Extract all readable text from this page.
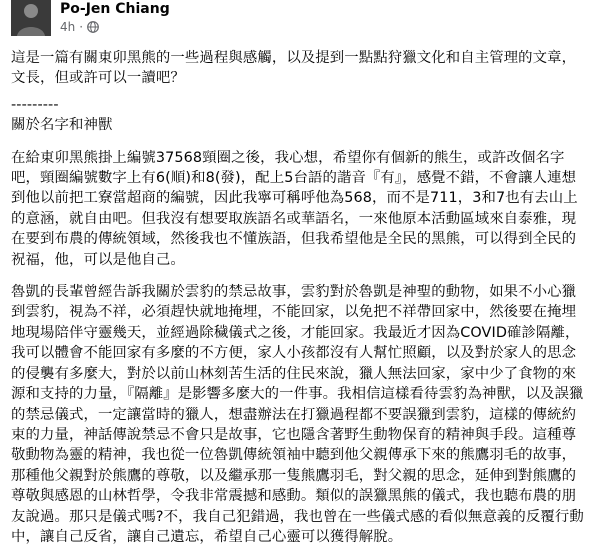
Po-Jen Chiang
4h ·

這是一篇有關東卯黑熊的一些過程與感觸，以及提到一點點狩獵文化和自主管理的文章，文長，但或許可以一讀吧？

---------

關於名字和神獸

在給東卯黑熊掛上編號37568頸圈之後，我心想，希望你有個新的熊生，或許改個名字吧，頸圈編號數字上有6(順)和8(發)，配上5台語的諧音『有』，感覺不錯，不會讓人連想到他以前把工寮當超商的編號，因此我寧可稱呼他為568，而不是711，3和7也有去山上的意涵，就自由吧。但我沒有想要取族語名或華語名，一來他原本活動區域來自泰雅，現在要到布農的傳統領域，然後我也不懂族語，但我希望他是全民的黑熊，可以得到全民的祝福，他，可以是他自己。

魯凱的長輩曾經告訴我關於雲豹的禁忌故事，雲豹對於魯凱是神聖的動物，如果不小心獵到雲豹，視為不祥，必須趕快就地掩埋，不能回家，以免把不祥帶回家中，然後要在掩埋地現場陪伴守靈幾天，並經過除穢儀式之後，才能回家。我最近才因為COVID確診隔離，我可以體會不能回家有多麼的不方便，家人小孩都沒有人幫忙照顧，以及對於家人的思念的侵襲有多麼大，對於以前山林刻苦生活的住民來說，獵人無法回家，家中少了食物的來源和支持的力量，『隔離』是影響多麼大的一件事。我相信這樣看待雲豹為神獸，以及誤獵的禁忌儀式，一定讓當時的獵人，想盡辦法在打獵過程都不要誤獵到雲豹，這樣的傳統約束的力量，神話傳說禁忌不會只是故事，它也隱含著野生動物保育的精神與手段。這種尊敬動物為靈的精神，我也從一位魯凱傳統領袖中聽到他父親傳承下來的熊鷹羽毛的故事，那種他父親對於熊鷹的尊敬，以及繼承那一隻熊鷹羽毛，對父親的思念，延伸到對熊鷹的尊敬與感恩的山林哲學，令我非常震撼和感動。類似的誤獵黑熊的儀式，我也聽布農的朋友說過。那只是儀式嗎?不，我自己犯錯過，我也曾在一些儀式感的看似無意義的反覆行動中，讓自己反省，讓自己遺忘，希望自己心靈可以獲得解脫。
